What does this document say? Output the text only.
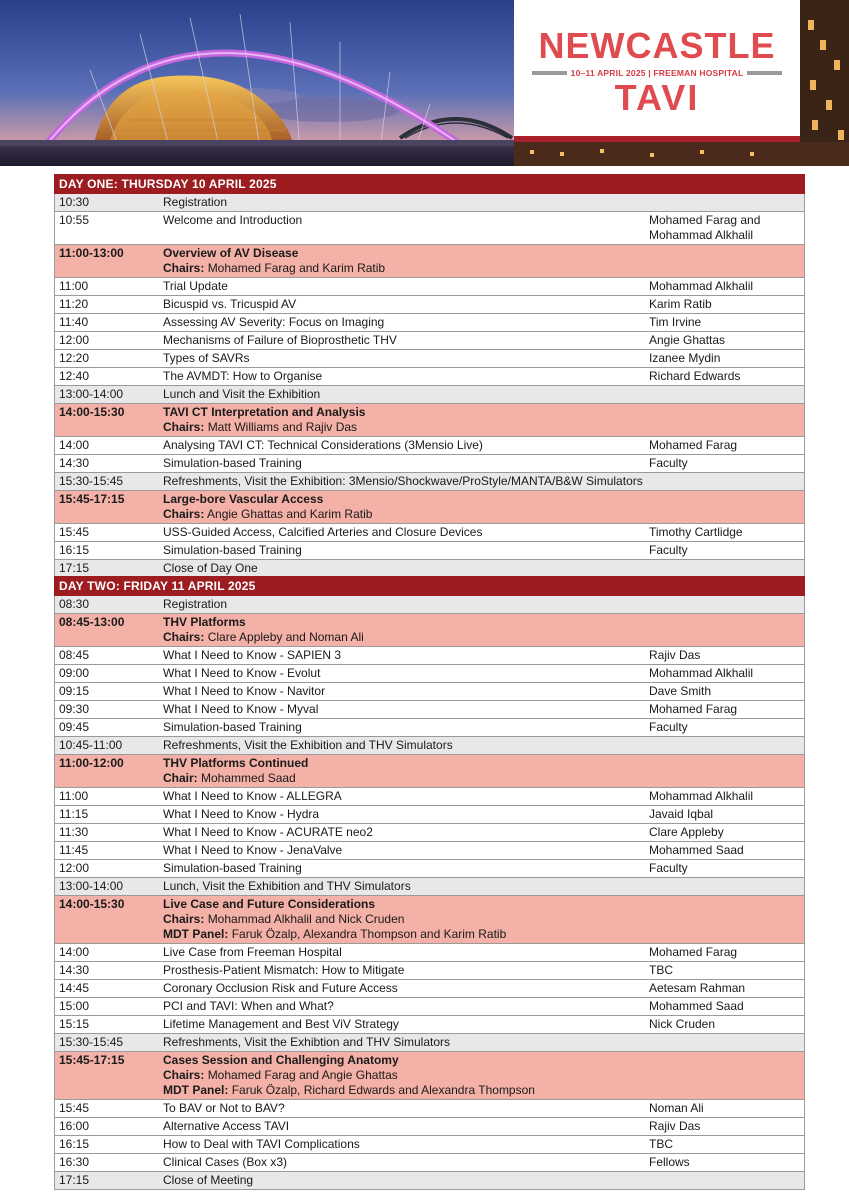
NEWCASTLE
10–11 APRIL 2025 | FREEMAN HOSPITAL
TAVI
DAY ONE: THURSDAY 10 APRIL 2025
10:30	Registration
10:55	Welcome and Introduction	Mohamed Farag and
Mohammad Alkhalil
11:00-13:00	Overview of AV Disease
Chairs: Mohamed Farag and Karim Ratib
11:00	Trial Update	Mohammad Alkhalil
11:20	Bicuspid vs. Tricuspid AV	Karim Ratib
11:40	Assessing AV Severity: Focus on Imaging	Tim Irvine
12:00	Mechanisms of Failure of Bioprosthetic THV	Angie Ghattas
12:20	Types of SAVRs	Izanee Mydin
12:40	The AVMDT: How to Organise	Richard Edwards
13:00-14:00	Lunch and Visit the Exhibition
14:00-15:30	TAVI CT Interpretation and Analysis
Chairs: Matt Williams and Rajiv Das
14:00	Analysing TAVI CT: Technical Considerations (3Mensio Live)	Mohamed Farag
14:30	Simulation-based Training	Faculty
15:30-15:45	Refreshments, Visit the Exhibition: 3Mensio/Shockwave/ProStyle/MANTA/B&W Simulators
15:45-17:15	Large-bore Vascular Access
Chairs: Angie Ghattas and Karim Ratib
15:45	USS-Guided Access, Calcified Arteries and Closure Devices	Timothy Cartlidge
16:15	Simulation-based Training	Faculty
17:15	Close of Day One
DAY TWO: FRIDAY 11 APRIL 2025
08:30	Registration
08:45-13:00	THV Platforms
Chairs: Clare Appleby and Noman Ali
08:45	What I Need to Know - SAPIEN 3	Rajiv Das
09:00	What I Need to Know - Evolut	Mohammad Alkhalil
09:15	What I Need to Know - Navitor	Dave Smith
09:30	What I Need to Know - Myval	Mohamed Farag
09:45	Simulation-based Training	Faculty
10:45-11:00	Refreshments, Visit the Exhibition and THV Simulators
11:00-12:00	THV Platforms Continued
Chair: Mohammed Saad
11:00	What I Need to Know - ALLEGRA	Mohammad Alkhalil
11:15	What I Need to Know - Hydra	Javaid Iqbal
11:30	What I Need to Know - ACURATE neo2	Clare Appleby
11:45	What I Need to Know - JenaValve	Mohammed Saad
12:00	Simulation-based Training	Faculty
13:00-14:00	Lunch, Visit the Exhibition and THV Simulators
14:00-15:30	Live Case and Future Considerations
Chairs: Mohammad Alkhalil and Nick Cruden
MDT Panel: Faruk Özalp, Alexandra Thompson and Karim Ratib
14:00	Live Case from Freeman Hospital	Mohamed Farag
14:30	Prosthesis-Patient Mismatch: How to Mitigate	TBC
14:45	Coronary Occlusion Risk and Future Access	Aetesam Rahman
15:00	PCI and TAVI: When and What?	Mohammed Saad
15:15	Lifetime Management and Best ViV Strategy	Nick Cruden
15:30-15:45	Refreshments, Visit the Exhibtion and THV Simulators
15:45-17:15	Cases Session and Challenging Anatomy
Chairs: Mohamed Farag and Angie Ghattas
MDT Panel: Faruk Özalp, Richard Edwards and Alexandra Thompson
15:45	To BAV or Not to BAV?	Noman Ali
16:00	Alternative Access TAVI	Rajiv Das
16:15	How to Deal with TAVI Complications	TBC
16:30	Clinical Cases (Box x3)	Fellows
17:15	Close of Meeting
